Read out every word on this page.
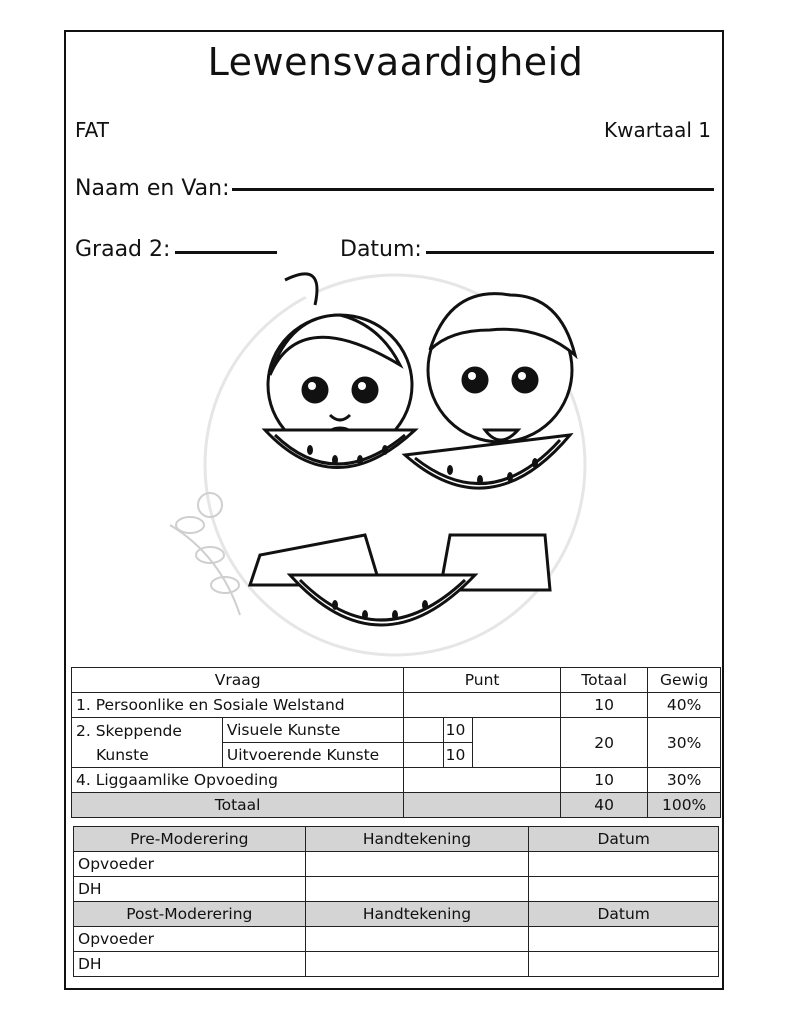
Lewensvaardigheid
FAT	Kwartaal 1
Naam en Van:
Graad 2:	Datum:
Vraag		Punt			Totaal	Gewig
1. Persoonlike en Sosiale Welstand					10	40%

2. Skeppende
Kunste	Visuele Kunste		10		20	30%
	Uitvoerende Kunste		10			
4. Liggaamlike Opvoeding					10	30%
Totaal					40	100%
Pre-Moderering	Handtekening	Datum
Opvoeder		
DH		
Post-Moderering	Handtekening	Datum
Opvoeder		
DH		
